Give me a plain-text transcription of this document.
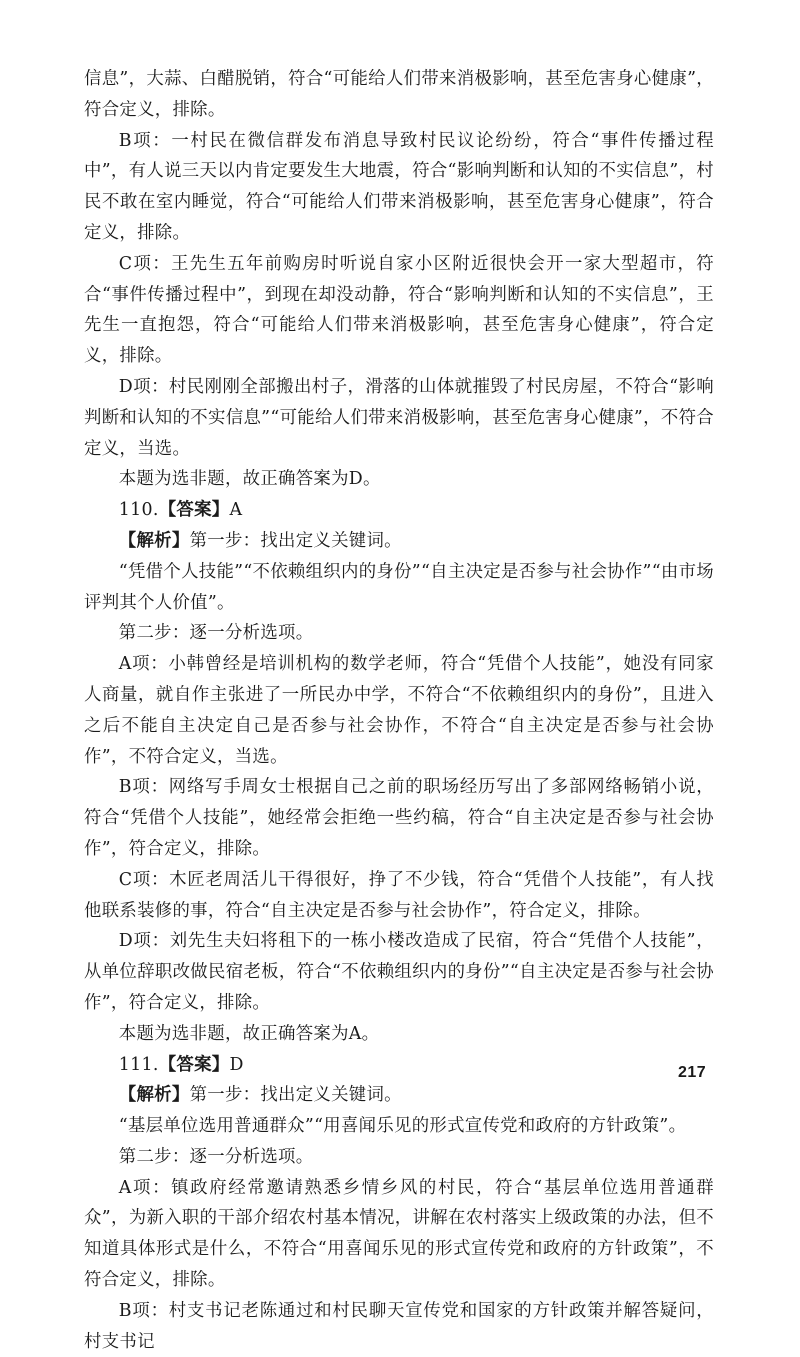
信息”，大蒜、白醋脱销，符合“可能给人们带来消极影响，甚至危害身心健康”，符合定义，排除。

B项：一村民在微信群发布消息导致村民议论纷纷，符合“事件传播过程中”，有人说三天以内肯定要发生大地震，符合“影响判断和认知的不实信息”，村民不敢在室内睡觉，符合“可能给人们带来消极影响，甚至危害身心健康”，符合定义，排除。

C项：王先生五年前购房时听说自家小区附近很快会开一家大型超市，符合“事件传播过程中”，到现在却没动静，符合“影响判断和认知的不实信息”，王先生一直抱怨，符合“可能给人们带来消极影响，甚至危害身心健康”，符合定义，排除。

D项：村民刚刚全部搬出村子，滑落的山体就摧毁了村民房屋，不符合“影响判断和认知的不实信息”“可能给人们带来消极影响，甚至危害身心健康”，不符合定义，当选。

本题为选非题，故正确答案为D。

110.【答案】A

【解析】第一步：找出定义关键词。

“凭借个人技能”“不依赖组织内的身份”“自主决定是否参与社会协作”“由市场评判其个人价值”。

第二步：逐一分析选项。

A项：小韩曾经是培训机构的数学老师，符合“凭借个人技能”，她没有同家人商量，就自作主张进了一所民办中学，不符合“不依赖组织内的身份”，且进入之后不能自主决定自己是否参与社会协作，不符合“自主决定是否参与社会协作”，不符合定义，当选。

B项：网络写手周女士根据自己之前的职场经历写出了多部网络畅销小说，符合“凭借个人技能”，她经常会拒绝一些约稿，符合“自主决定是否参与社会协作”，符合定义，排除。

C项：木匠老周活儿干得很好，挣了不少钱，符合“凭借个人技能”，有人找他联系装修的事，符合“自主决定是否参与社会协作”，符合定义，排除。

D项：刘先生夫妇将租下的一栋小楼改造成了民宿，符合“凭借个人技能”，从单位辞职改做民宿老板，符合“不依赖组织内的身份”“自主决定是否参与社会协作”，符合定义，排除。

本题为选非题，故正确答案为A。

111.【答案】D

【解析】第一步：找出定义关键词。

“基层单位选用普通群众”“用喜闻乐见的形式宣传党和政府的方针政策”。

第二步：逐一分析选项。

A项：镇政府经常邀请熟悉乡情乡风的村民，符合“基层单位选用普通群众”，为新入职的干部介绍农村基本情况，讲解在农村落实上级政策的办法，但不知道具体形式是什么，不符合“用喜闻乐见的形式宣传党和政府的方针政策”，不符合定义，排除。

B项：村支书记老陈通过和村民聊天宣传党和国家的方针政策并解答疑问，村支书记

217
